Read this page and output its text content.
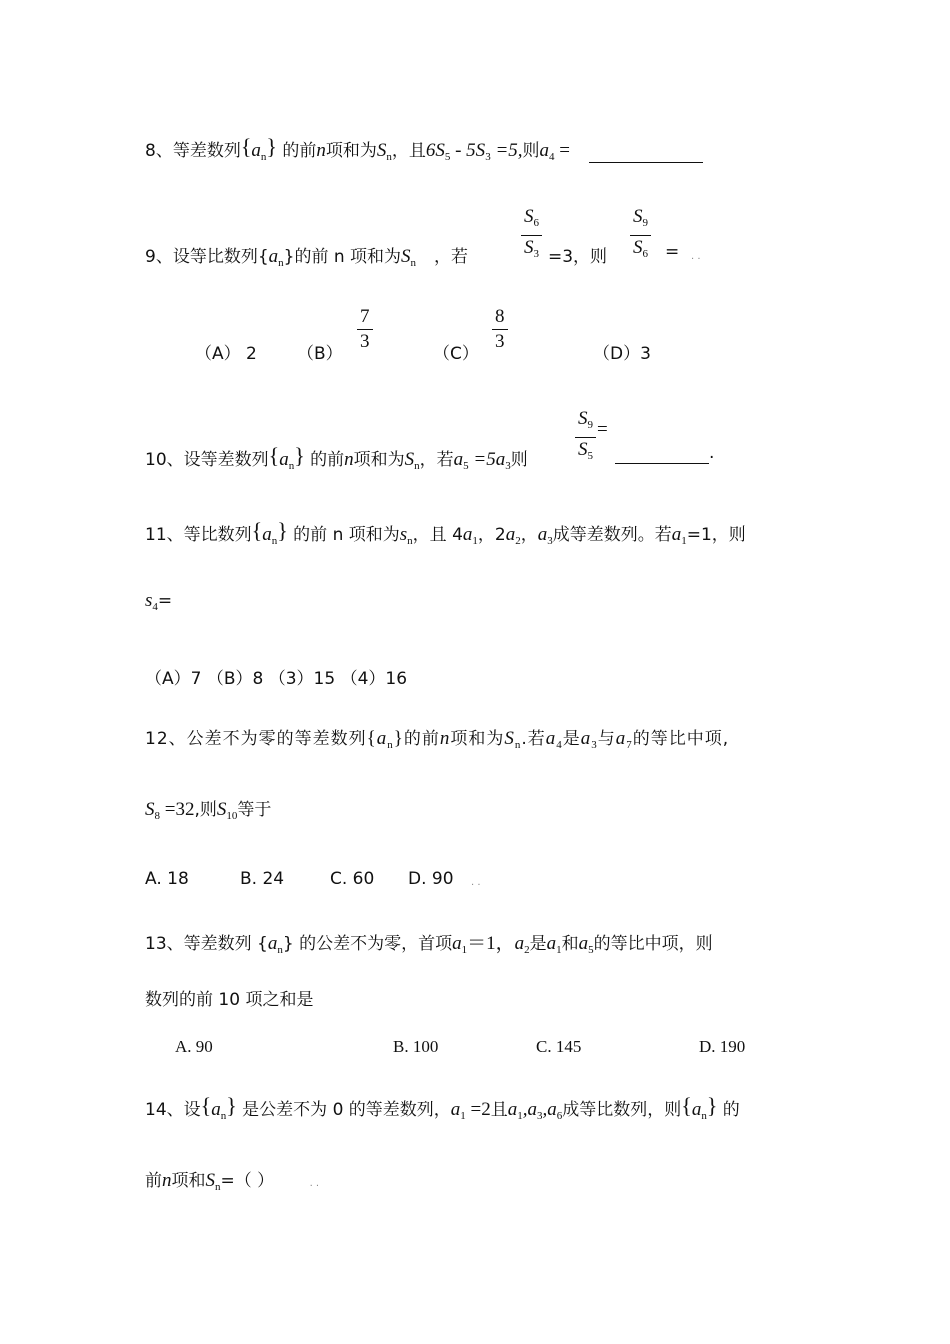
8、等差数列$\{a_n\}$ 的前n项和为$S_n$，且$6S_5 - 5S_3 =5$,则$a_4$ =
9、设等比数列$\{a_n\}$的前 n 项和为$S_n$ ，若	$\frac{S_6}{S_3} =3$，则 $\frac{S_9}{S_6}$ = . .
（A） 2 $(B) \frac{7}{3}$	$(C) \frac{8}{3}$	（D）3
10、设等差数列$\{a_n\}$ 的前n项和为$S_n$，若$a_5 =5a_3$则 $\frac{S_9}{S_5}$ =
.
11、等比数列$\{a_n\}$ 的前 n 项和为$s_n$，且 $4a_1$，$2a_2$，$a_3$成等差数列。若$a_1=1$，则
$s_4=$
（A）7 （B）8 （3）15 （4）16
12、公差不为零的等差数列$\{a_n\}$的前n项和为$S_n$.若$a_4$是$a_3$与$a_7$的等比中项,
$S_8 =32$,则$S_{10}$等于
A. 18	B. 24	C. 60 D. 90 . .
13、等差数列 $\{a_n\}$ 的公差不为零，首项$a_1=1$，$a_2$是$a_1$和$a_5$的等比中项，则
数列的前 10 项之和是
A. 90	B. 100	C. 145	D. 190
14、设$\{a_n\}$ 是公差不为 0 的等差数列，$a_1 =2$且$a_1,a_3,a_6$成等比数列，则$\{a_n\}$ 的
前n项和$S_n=$（ ）	. .
